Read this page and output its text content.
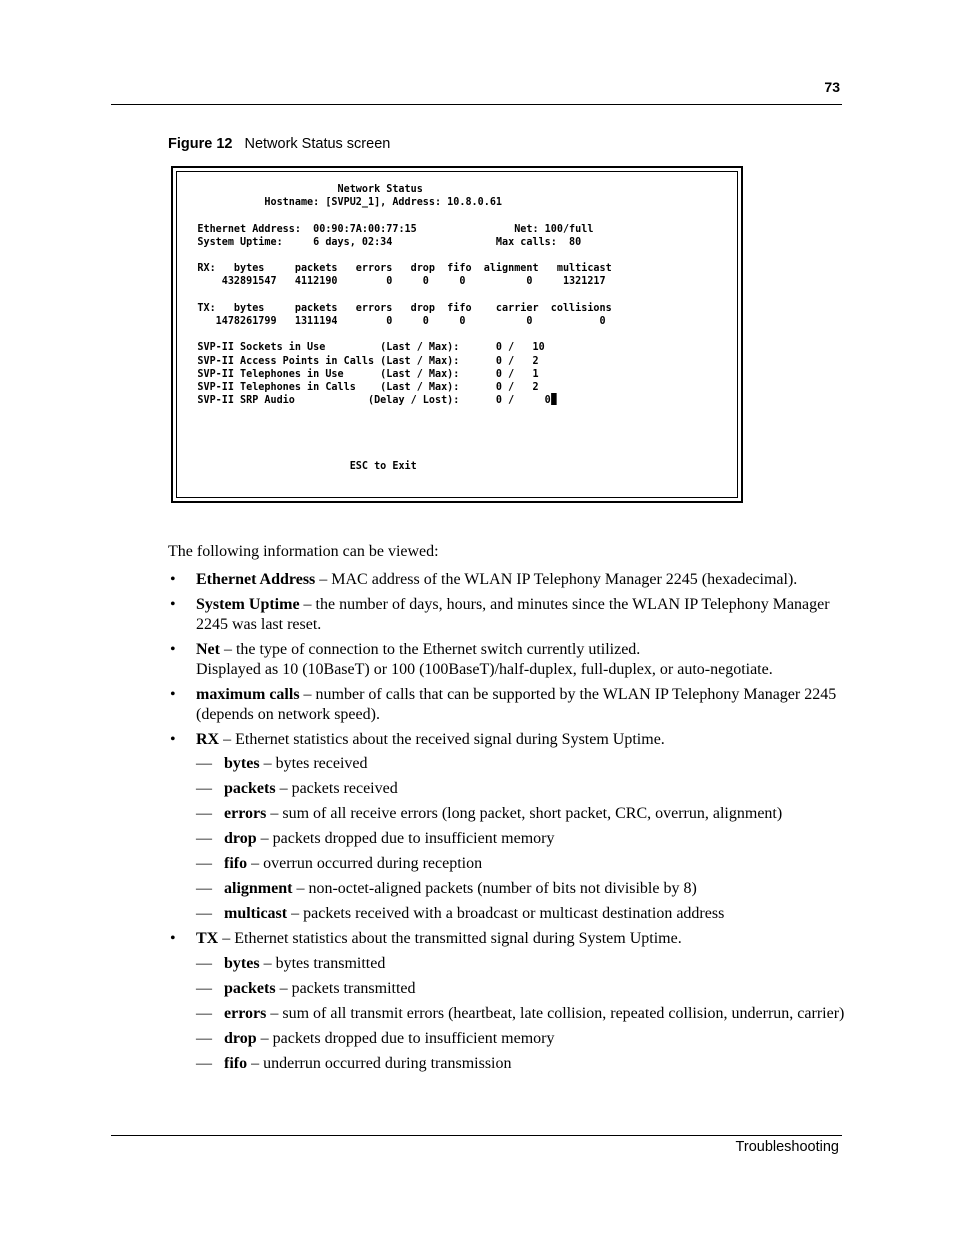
73
Figure 12 Network Status screen
Network Status
Hostname: [SVPU2_1], Address: 10.8.0.61

Ethernet Address:  00:90:7A:00:77:15                Net: 100/full
System Uptime:     6 days, 02:34                 Max calls:  80

RX:   bytes     packets   errors   drop  fifo  alignment   multicast
432891547   4112190        0     0     0          0     1321217

TX:   bytes     packets   errors   drop  fifo    carrier  collisions
1478261799   1311194        0     0     0          0           0

SVP-II Sockets in Use         (Last / Max):      0 /   10
SVP-II Access Points in Calls (Last / Max):      0 /   2
SVP-II Telephones in Use      (Last / Max):      0 /   1
SVP-II Telephones in Calls    (Last / Max):      0 /   2
SVP-II SRP Audio            (Delay / Lost):      0 /     0

ESC to Exit
The following information can be viewed:
• Ethernet Address – MAC address of the WLAN IP Telephony Manager 2245 (hexadecimal).
• System Uptime – the number of days, hours, and minutes since the WLAN IP Telephony Manager 2245 was last reset.
• Net – the type of connection to the Ethernet switch currently utilized.
Displayed as 10 (10BaseT) or 100 (100BaseT)/half-duplex, full-duplex, or auto-negotiate.
• maximum calls – number of calls that can be supported by the WLAN IP Telephony Manager 2245 (depends on network speed).
• RX – Ethernet statistics about the received signal during System Uptime.
— bytes – bytes received
— packets – packets received
— errors – sum of all receive errors (long packet, short packet, CRC, overrun, alignment)
— drop – packets dropped due to insufficient memory
— fifo – overrun occurred during reception
— alignment – non-octet-aligned packets (number of bits not divisible by 8)
— multicast – packets received with a broadcast or multicast destination address
• TX – Ethernet statistics about the transmitted signal during System Uptime.
— bytes – bytes transmitted
— packets – packets transmitted
— errors – sum of all transmit errors (heartbeat, late collision, repeated collision, underrun, carrier)
— drop – packets dropped due to insufficient memory
— fifo – underrun occurred during transmission
Troubleshooting
